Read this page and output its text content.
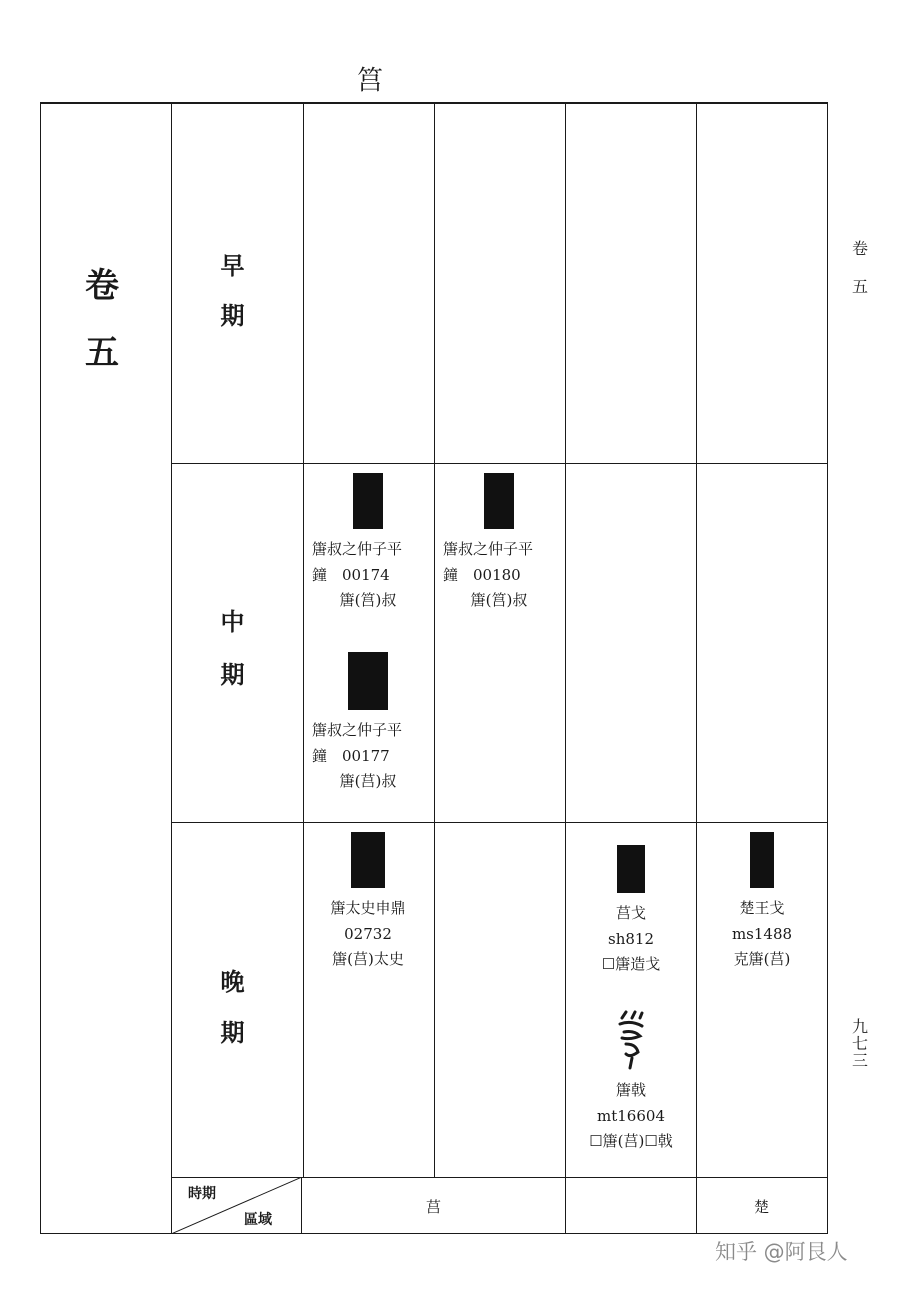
筥
卷
五
早
期
中
期
晚
期
篖叔之仲子平
鐘　00174
篖(筥)叔
篖叔之仲子平
鐘　00177
篖(莒)叔
篖叔之仲子平
鐘　00180
篖(筥)叔
篖太史申鼎
02732
篖(莒)太史
莒戈
sh812
☐篖造戈
篖戟
mt16604
☐篖(莒)☐戟
楚王戈
ms1488
克篖(莒)
時期
區域
莒	楚
卷
五
九
七
三
知乎 @阿艮人
